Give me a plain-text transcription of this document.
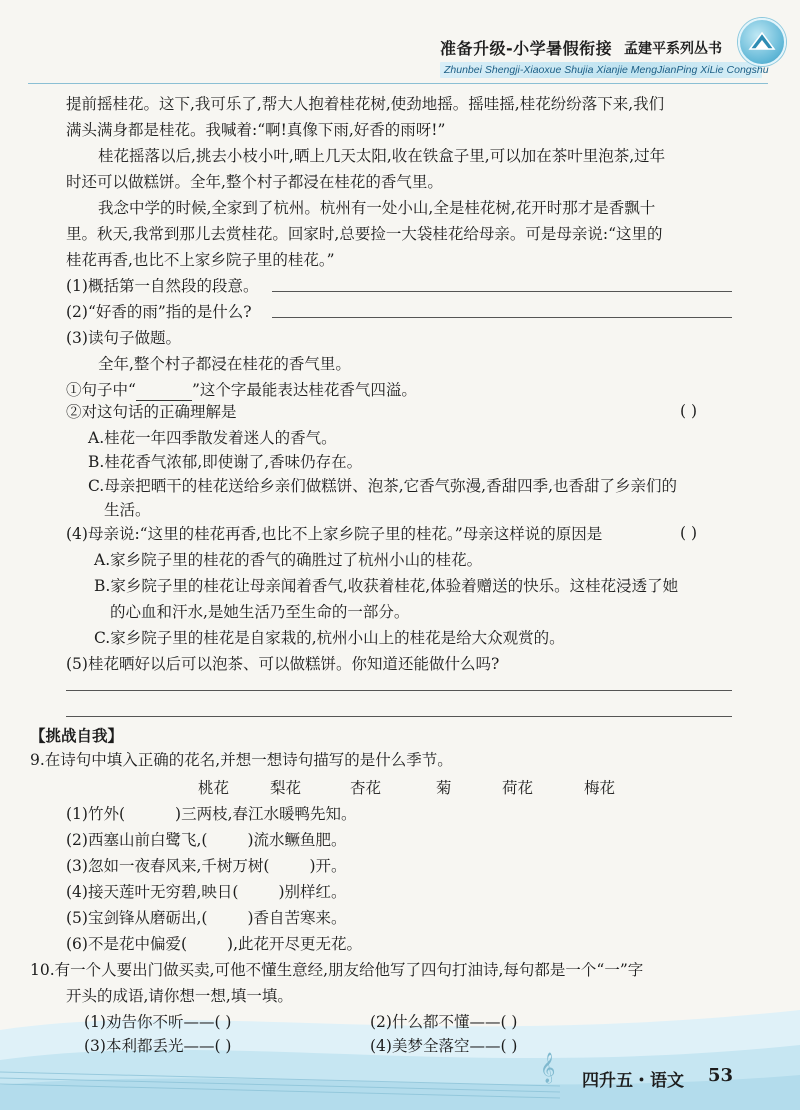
准备升级-小学暑假衔接 孟建平系列丛书
Zhunbei Shengji-Xiaoxue Shujia Xianjie MengJianPing XiLie Congshu
提前摇桂花。这下,我可乐了,帮大人抱着桂花树,使劲地摇。摇哇摇,桂花纷纷落下来,我们
满头满身都是桂花。我喊着:“啊!真像下雨,好香的雨呀!”
桂花摇落以后,挑去小枝小叶,晒上几天太阳,收在铁盒子里,可以加在茶叶里泡茶,过年
时还可以做糕饼。全年,整个村子都浸在桂花的香气里。
我念中学的时候,全家到了杭州。杭州有一处小山,全是桂花树,花开时那才是香飘十
里。秋天,我常到那儿去赏桂花。回家时,总要捡一大袋桂花给母亲。可是母亲说:“这里的
桂花再香,也比不上家乡院子里的桂花。”
(1)概括第一自然段的段意。
(2)“好香的雨”指的是什么?
(3)读句子做题。
全年,整个村子都浸在桂花的香气里。
①句子中“	”这个字最能表达桂花香气四溢。
②对这句话的正确理解是	( )
A.桂花一年四季散发着迷人的香气。
B.桂花香气浓郁,即使谢了,香味仍存在。
C.母亲把晒干的桂花送给乡亲们做糕饼、泡茶,它香气弥漫,香甜四季,也香甜了乡亲们的
生活。
(4)母亲说:“这里的桂花再香,也比不上家乡院子里的桂花。”母亲这样说的原因是	( )
A.家乡院子里的桂花的香气的确胜过了杭州小山的桂花。
B.家乡院子里的桂花让母亲闻着香气,收获着桂花,体验着赠送的快乐。这桂花浸透了她
的心血和汗水,是她生活乃至生命的一部分。
C.家乡院子里的桂花是自家栽的,杭州小山上的桂花是给大众观赏的。
(5)桂花晒好以后可以泡茶、可以做糕饼。你知道还能做什么吗?
【挑战自我】
9.在诗句中填入正确的花名,并想一想诗句描写的是什么季节。
桃花	梨花	杏花	菊	荷花	梅花
(1)竹外(	)三两枝,春江水暖鸭先知。
(2)西塞山前白鹭飞,(	)流水鳜鱼肥。
(3)忽如一夜春风来,千树万树(	)开。
(4)接天莲叶无穷碧,映日(	)别样红。
(5)宝剑锋从磨砺出,(	)香自苦寒来。
(6)不是花中偏爱(	),此花开尽更无花。
10.有一个人要出门做买卖,可他不懂生意经,朋友给他写了四句打油诗,每句都是一个“一”字
开头的成语,请你想一想,填一填。
𝄞
(1)劝告你不听——( )	(2)什么都不懂——( )
(3)本利都丢光——( )	(4)美梦全落空——( )
四升五・语文 53
